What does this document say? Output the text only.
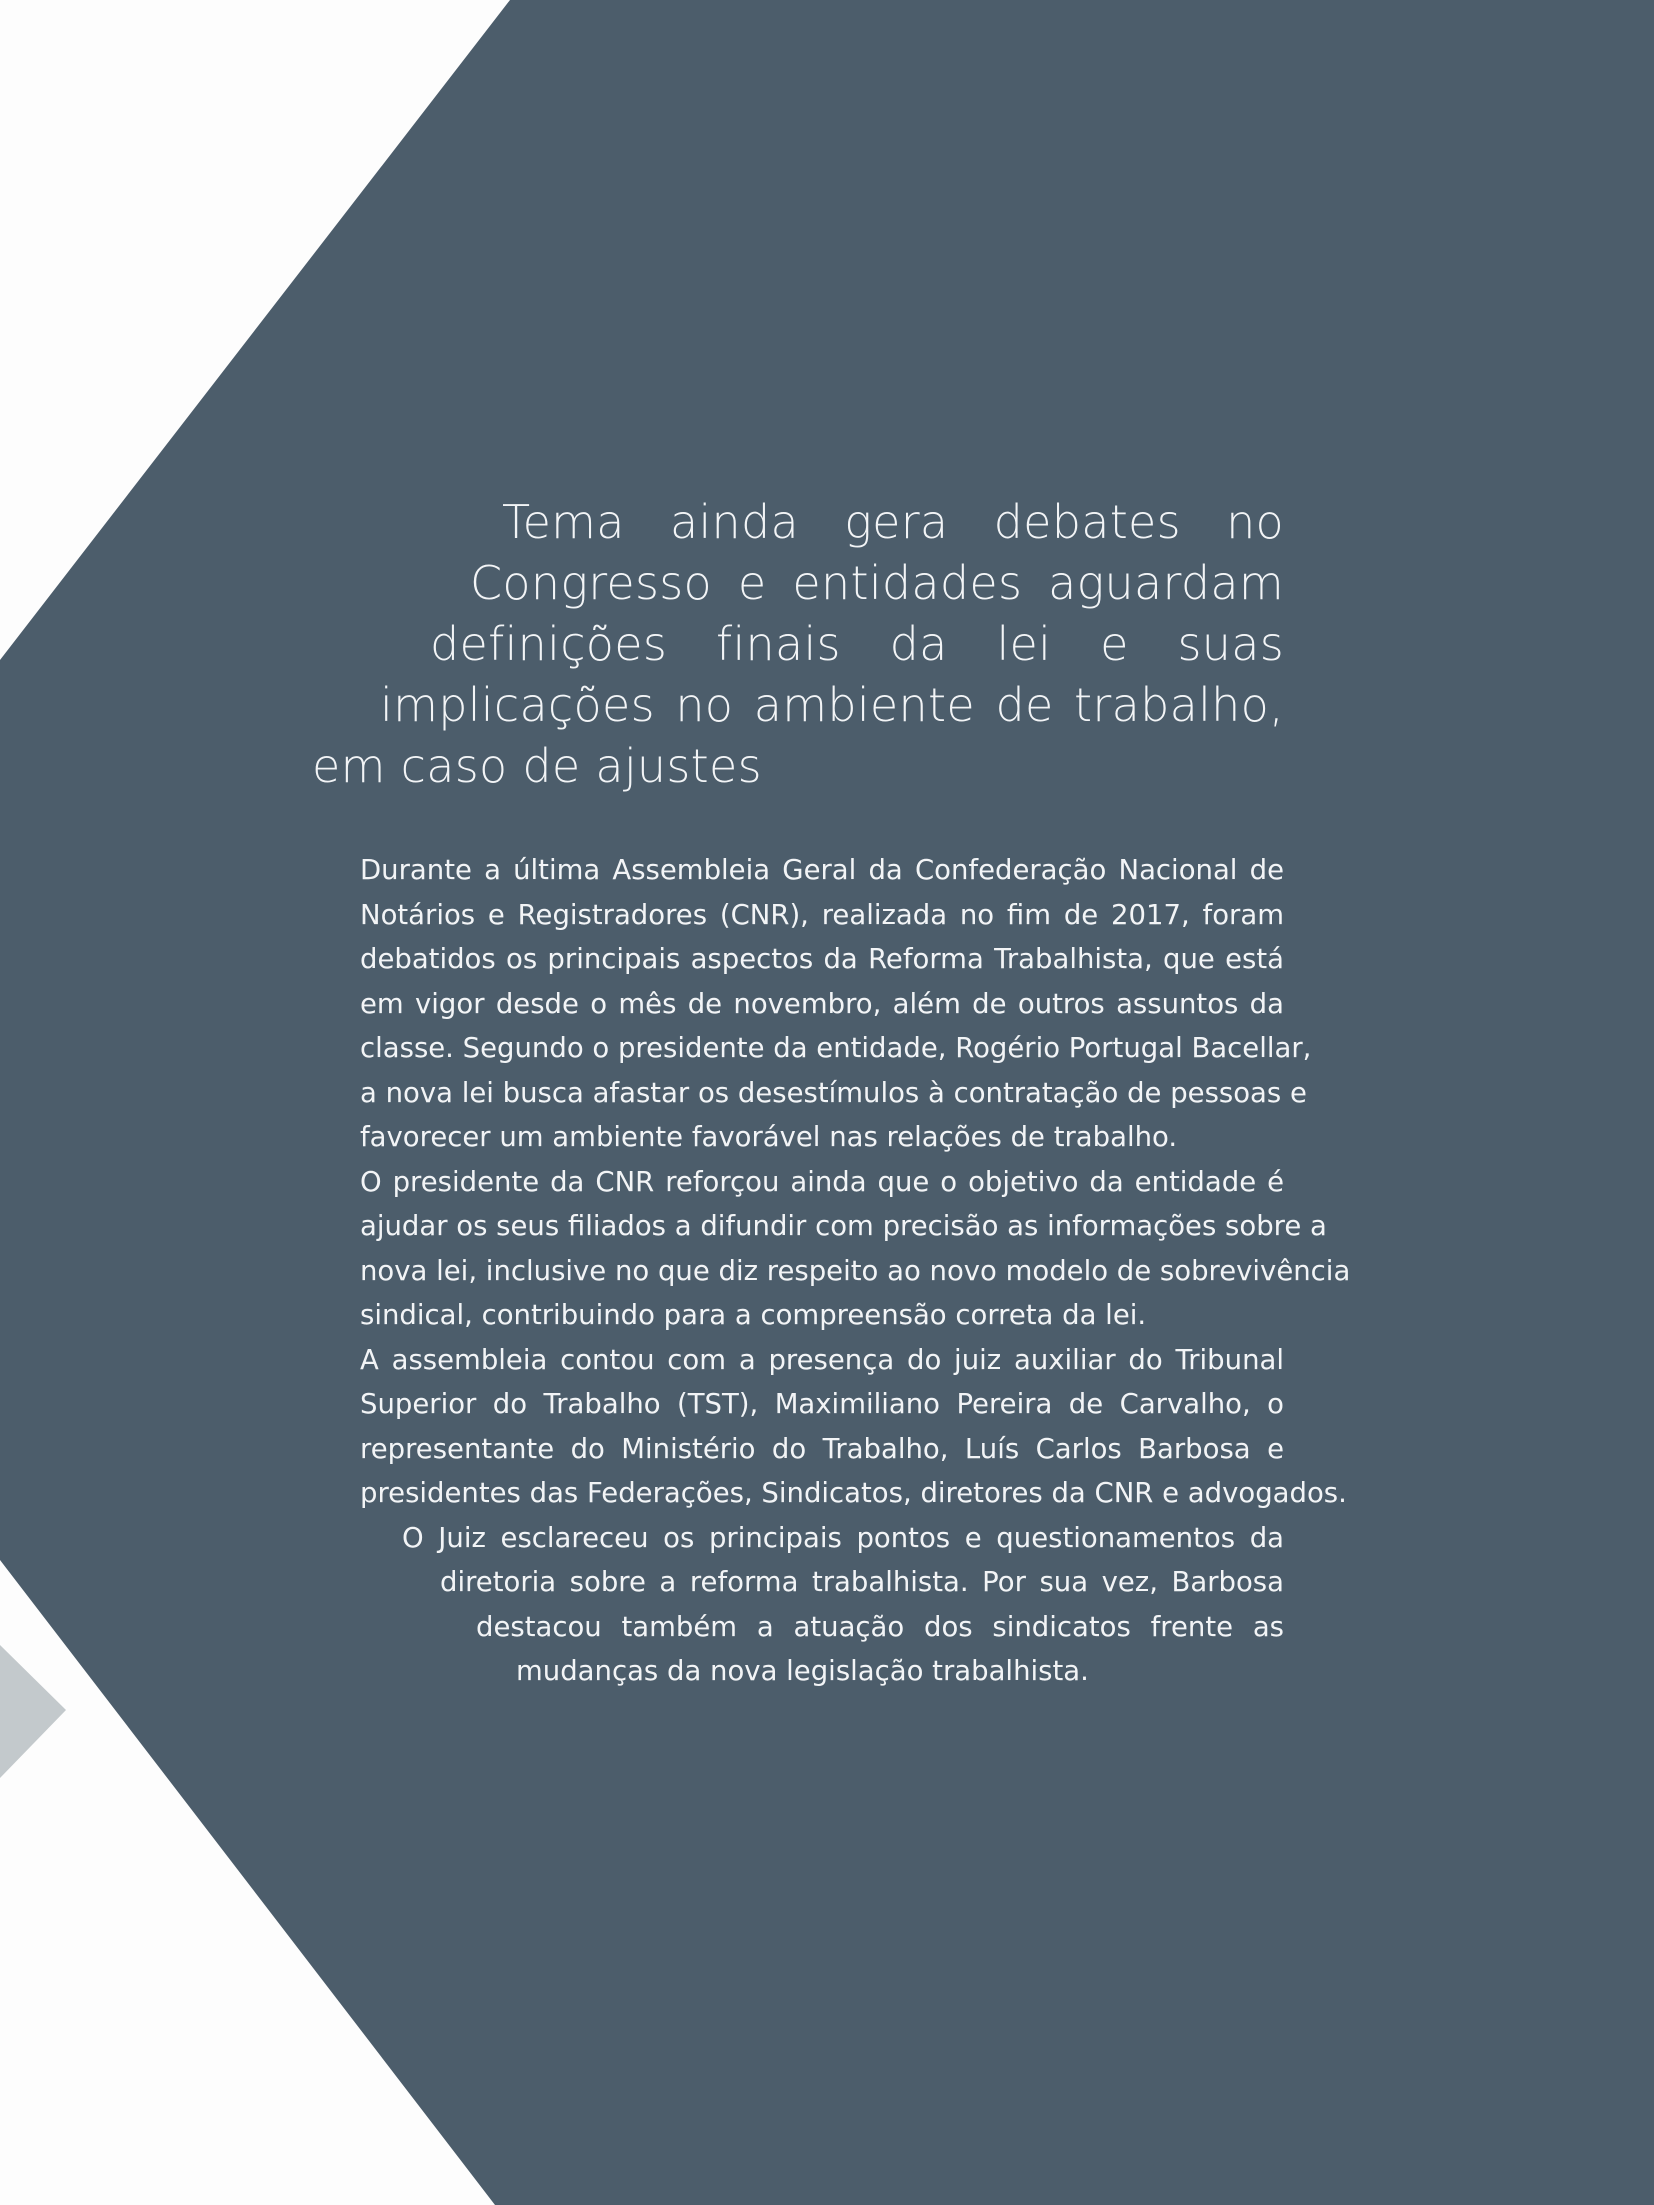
Tema ainda gera debates no
Congresso e entidades aguardam
definições finais da lei e suas
implicações no ambiente de trabalho,
em caso de ajustes
Durante a última Assembleia Geral da Confederação Nacional de
Notários e Registradores (CNR), realizada no fim de 2017, foram
debatidos os principais aspectos da Reforma Trabalhista, que está
em vigor desde o mês de novembro, além de outros assuntos da
classe. Segundo o presidente da entidade, Rogério Portugal Bacellar,
a nova lei busca afastar os desestímulos à contratação de pessoas e
favorecer um ambiente favorável nas relações de trabalho.
O presidente da CNR reforçou ainda que o objetivo da entidade é
ajudar os seus filiados a difundir com precisão as informações sobre a
nova lei, inclusive no que diz respeito ao novo modelo de sobrevivência
sindical, contribuindo para a compreensão correta da lei.
A assembleia contou com a presença do juiz auxiliar do Tribunal
Superior do Trabalho (TST), Maximiliano Pereira de Carvalho, o
representante do Ministério do Trabalho, Luís Carlos Barbosa e
presidentes das Federações, Sindicatos, diretores da CNR e advogados.
O Juiz esclareceu os principais pontos e questionamentos da
diretoria sobre a reforma trabalhista. Por sua vez, Barbosa
destacou também a atuação dos sindicatos frente as
mudanças da nova legislação trabalhista.
